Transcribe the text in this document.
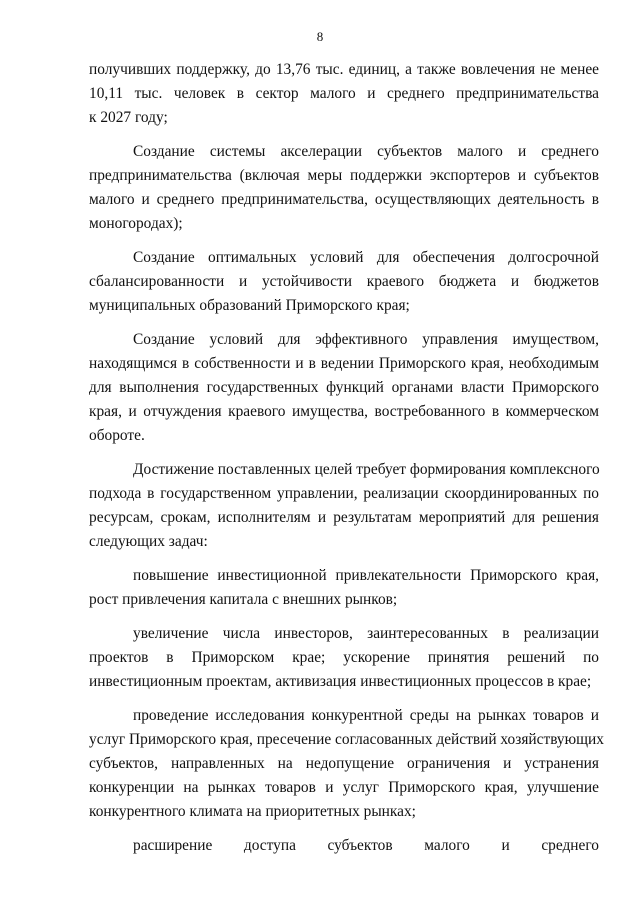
8
получивших поддержку, до 13,76 тыс. единиц, а также вовлечения не менее
10,11 тыс. человек в сектор малого и среднего предпринимательства
к 2027 году;
Создание системы акселерации субъектов малого и среднего
предпринимательства (включая меры поддержки экспортеров и субъектов
малого и среднего предпринимательства, осуществляющих деятельность в
моногородах);
Создание оптимальных условий для обеспечения долгосрочной
сбалансированности и устойчивости краевого бюджета и бюджетов
муниципальных образований Приморского края;
Создание условий для эффективного управления имуществом,
находящимся в собственности и в ведении Приморского края, необходимым
для выполнения государственных функций органами власти Приморского
края, и отчуждения краевого имущества, востребованного в коммерческом
обороте.
Достижение поставленных целей требует формирования комплексного
подхода в государственном управлении, реализации скоординированных по
ресурсам, срокам, исполнителям и результатам мероприятий для решения
следующих задач:
повышение инвестиционной привлекательности Приморского края,
рост привлечения капитала с внешних рынков;
увеличение числа инвесторов, заинтересованных в реализации
проектов в Приморском крае; ускорение принятия решений по
инвестиционным проектам, активизация инвестиционных процессов в крае;
проведение исследования конкурентной среды на рынках товаров и
услуг Приморского края, пресечение согласованных действий хозяйствующих
субъектов, направленных на недопущение ограничения и устранения
конкуренции на рынках товаров и услуг Приморского края, улучшение
конкурентного климата на приоритетных рынках;
расширение доступа субъектов малого и среднего
